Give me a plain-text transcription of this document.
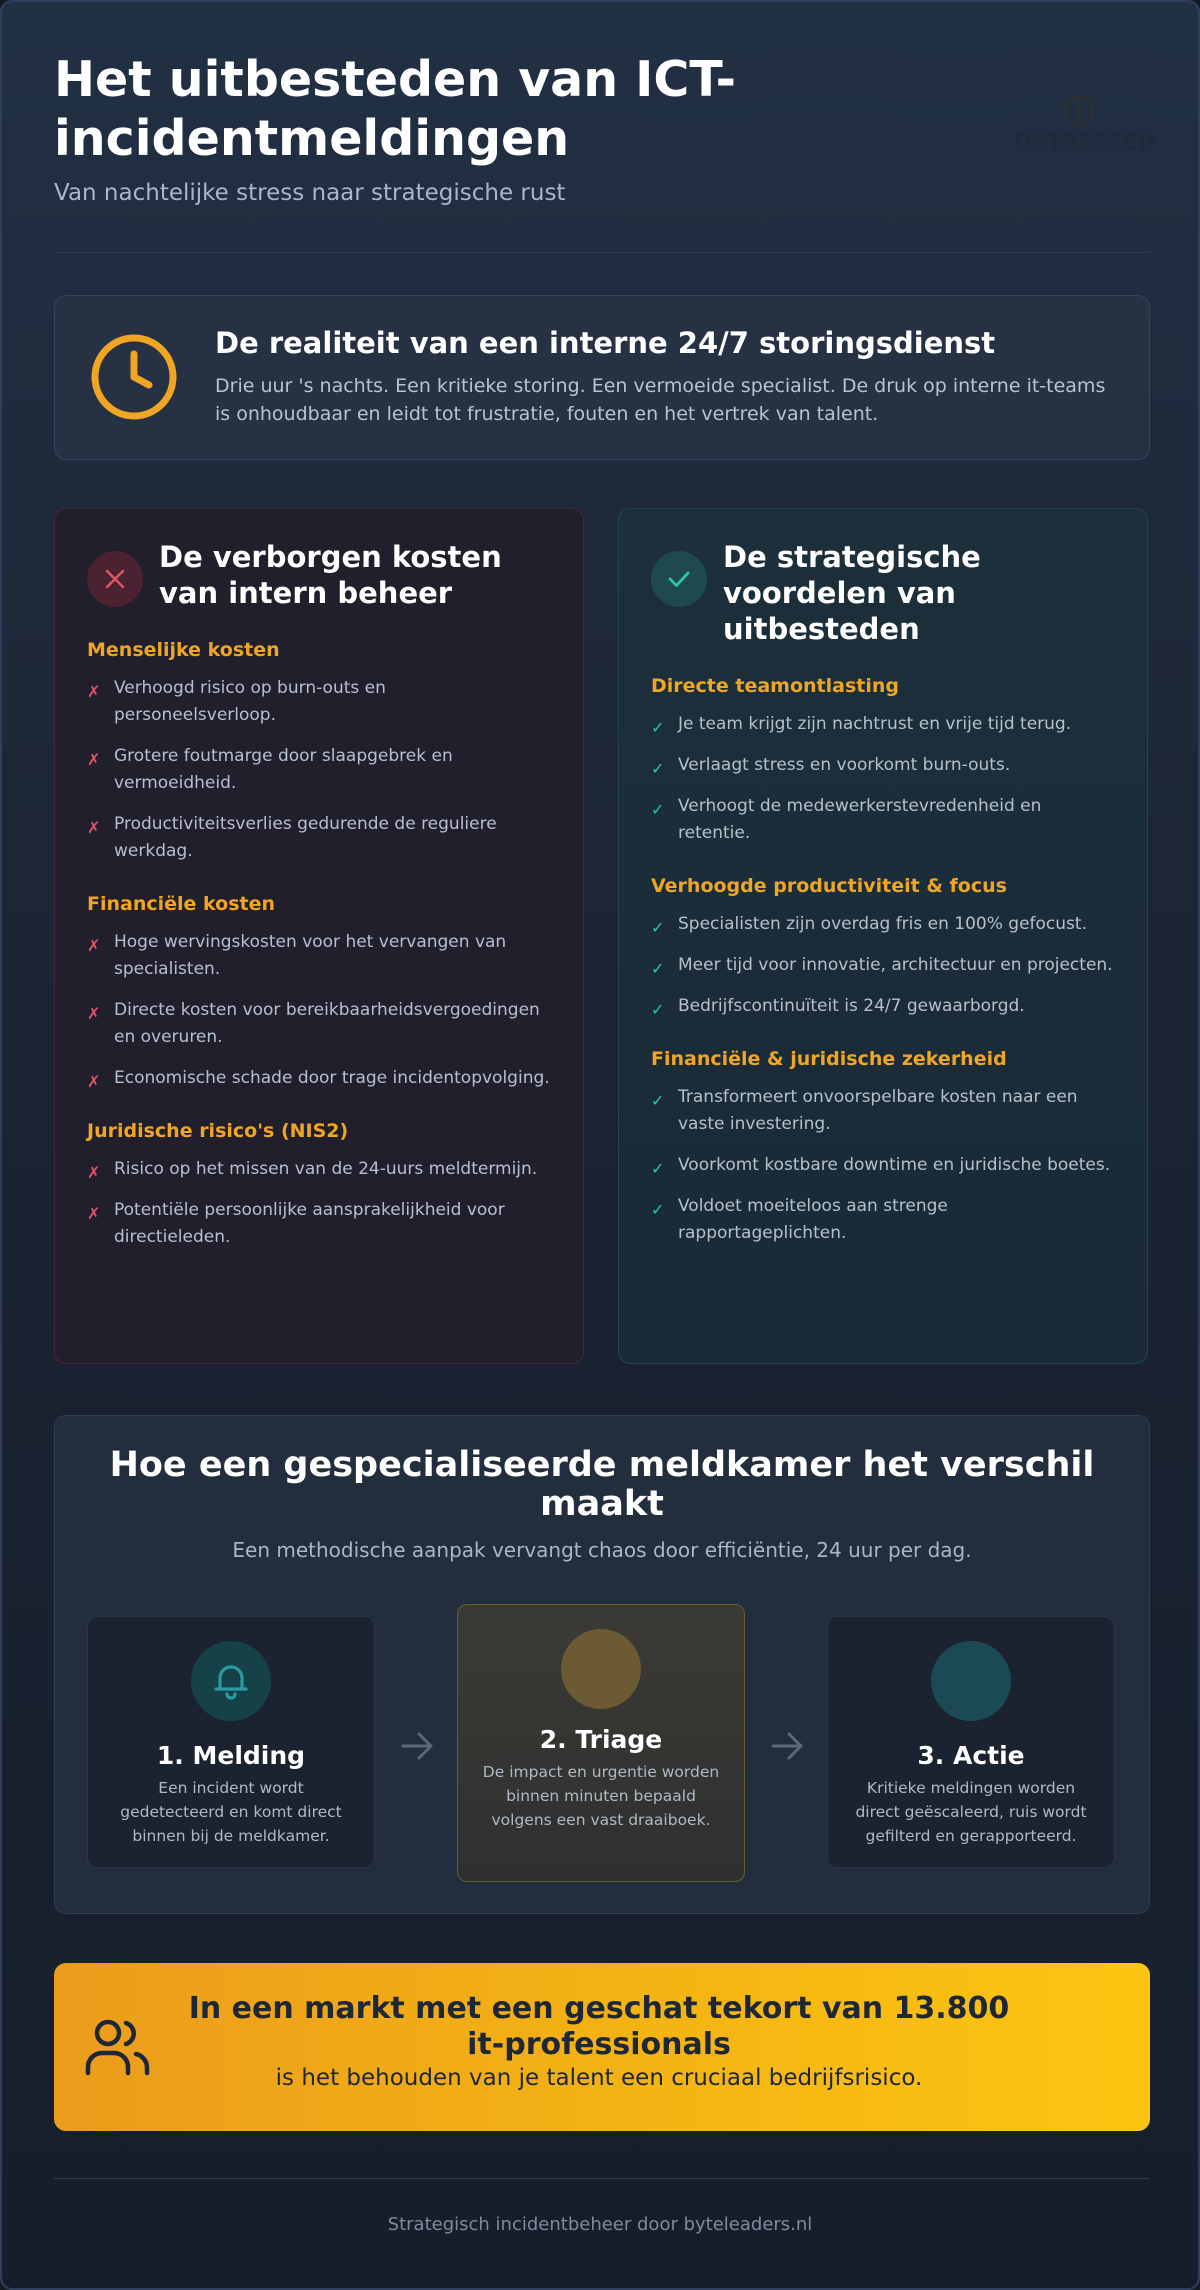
Het uitbesteden van ICT-incidentmeldingen
Van nachtelijke stress naar strategische rust
DSTREZZED
De realiteit van een interne 24/7 storingsdienst

Drie uur 's nachts. Een kritieke storing. Een vermoeide specialist. De druk op interne it-teams is onhoudbaar en leidt tot frustratie, fouten en het vertrek van talent.

De verborgen kosten van intern beheer
Menselijke kosten
✗ Verhoogd risico op burn-outs en personeelsverloop.
✗ Grotere foutmarge door slaapgebrek en vermoeidheid.
✗ Productiviteitsverlies gedurende de reguliere werkdag.
Financiële kosten
✗ Hoge wervingskosten voor het vervangen van specialisten.
✗ Directe kosten voor bereikbaarheidsvergoedingen en overuren.
✗ Economische schade door trage incidentopvolging.
Juridische risico's (NIS2)
✗ Risico op het missen van de 24-uurs meldtermijn.
✗ Potentiële persoonlijke aansprakelijkheid voor directieleden.
De strategische voordelen van uitbesteden
Directe teamontlasting
✓ Je team krijgt zijn nachtrust en vrije tijd terug.
✓ Verlaagt stress en voorkomt burn-outs.
✓ Verhoogt de medewerkerstevredenheid en retentie.
Verhoogde productiviteit & focus
✓ Specialisten zijn overdag fris en 100% gefocust.
✓ Meer tijd voor innovatie, architectuur en projecten.
✓ Bedrijfscontinuïteit is 24/7 gewaarborgd.
Financiële & juridische zekerheid
✓ Transformeert onvoorspelbare kosten naar een vaste investering.
✓ Voorkomt kostbare downtime en juridische boetes.
✓ Voldoet moeiteloos aan strenge rapportageplichten.
Hoe een gespecialiseerde meldkamer het verschil maakt
Een methodische aanpak vervangt chaos door efficiëntie, 24 uur per dag.
1. Melding

Een incident wordt gedetecteerd en komt direct binnen bij de meldkamer.

2. Triage

De impact en urgentie worden binnen minuten bepaald volgens een vast draaiboek.

3. Actie

Kritieke meldingen worden direct geëscaleerd, ruis wordt gefilterd en gerapporteerd.

In een markt met een geschat tekort van 13.800 it-professionals
is het behouden van je talent een cruciaal bedrijfsrisico.
Strategisch incidentbeheer door byteleaders.nl
